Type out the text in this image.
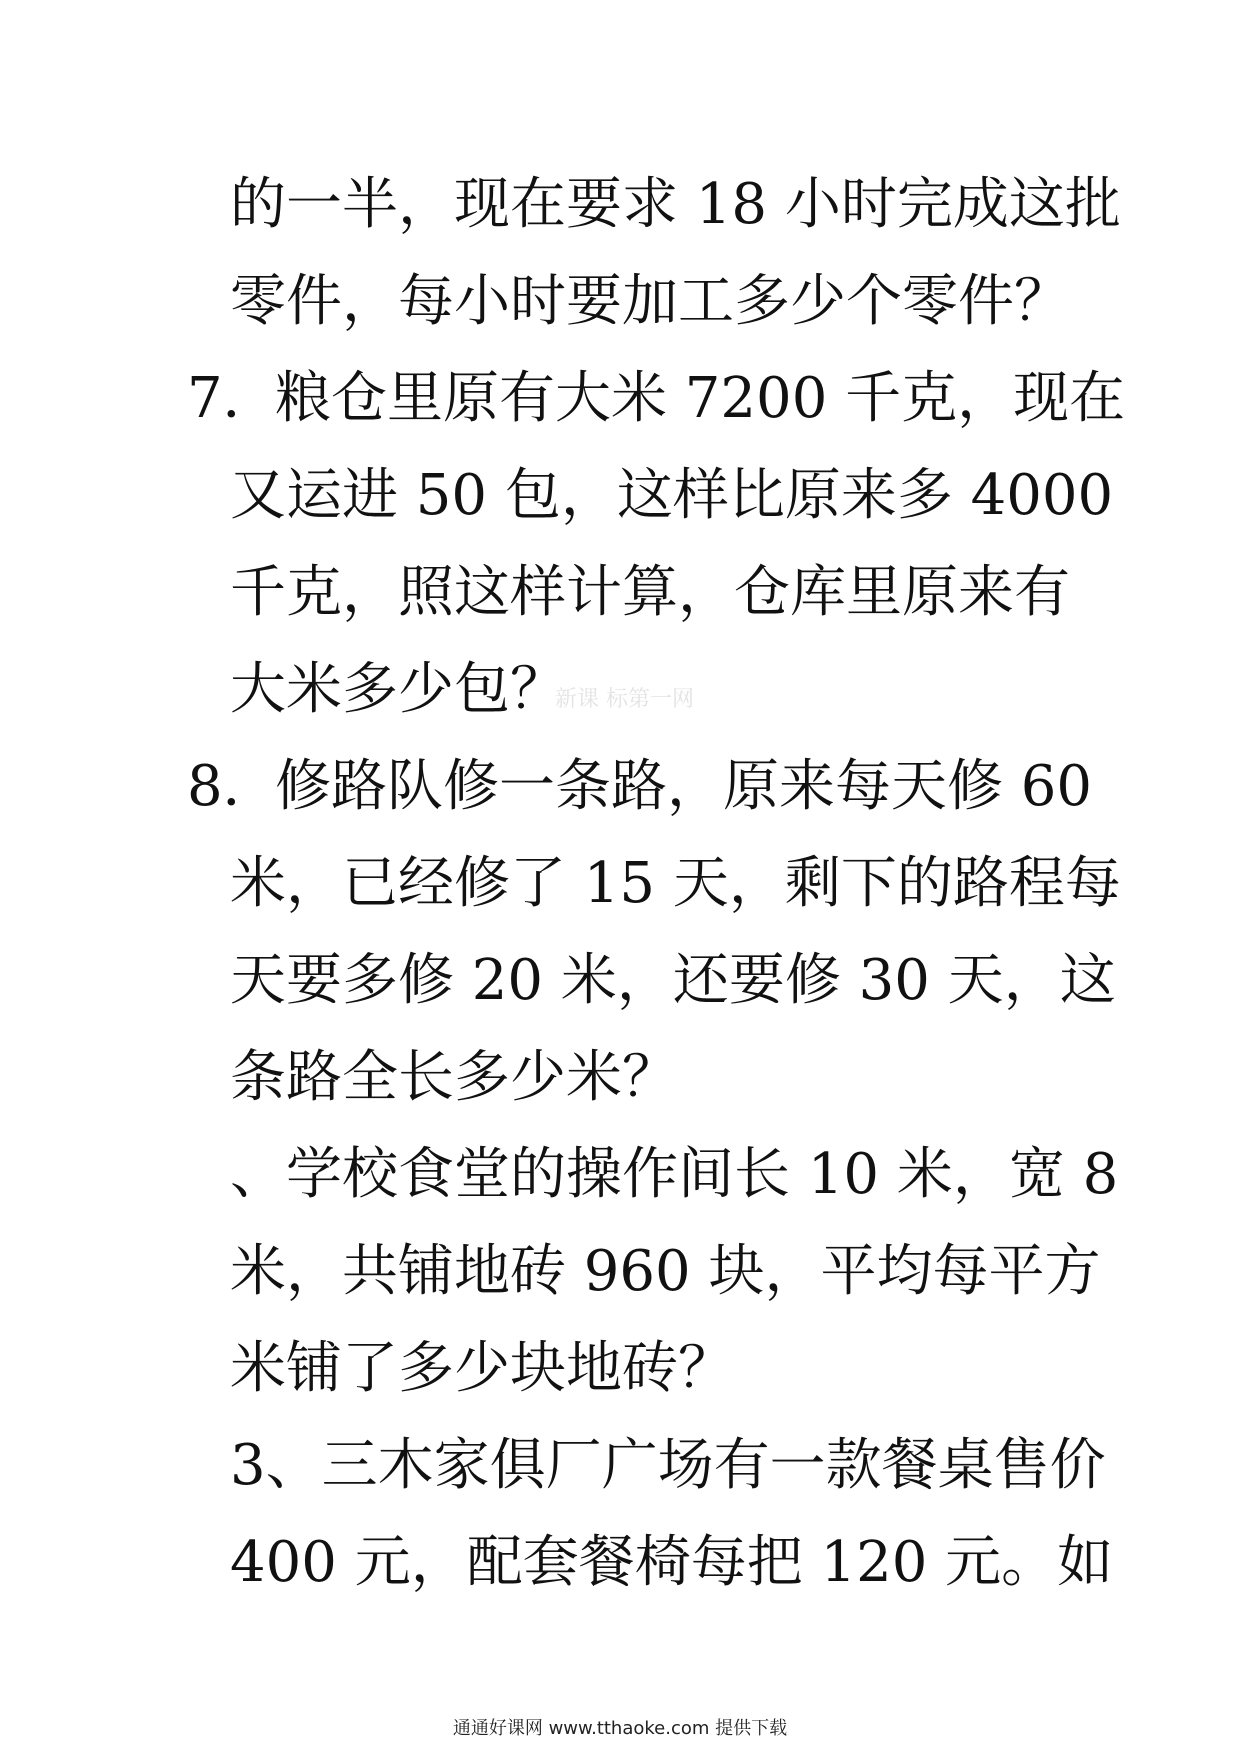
的一半，现在要求 18 小时完成这批

零件，每小时要加工多少个零件？

7．

粮仓里原有大米 7200 千克，现在

又运进 50 包，这样比原来多 4000

千克，照这样计算，仓库里原来有

大米多少包？

新课 标第一网
8．

修路队修一条路，原来每天修 60

米，已经修了 15 天，剩下的路程每

天要多修 20 米，还要修 30 天，这

条路全长多少米？

、学校食堂的操作间长 10 米，宽 8

米，共铺地砖 960 块，平均每平方

米铺了多少块地砖？

3、三木家俱厂广场有一款餐桌售价

400 元，配套餐椅每把 120 元。如

通通好课网 www.tthaoke.com 提供下载
